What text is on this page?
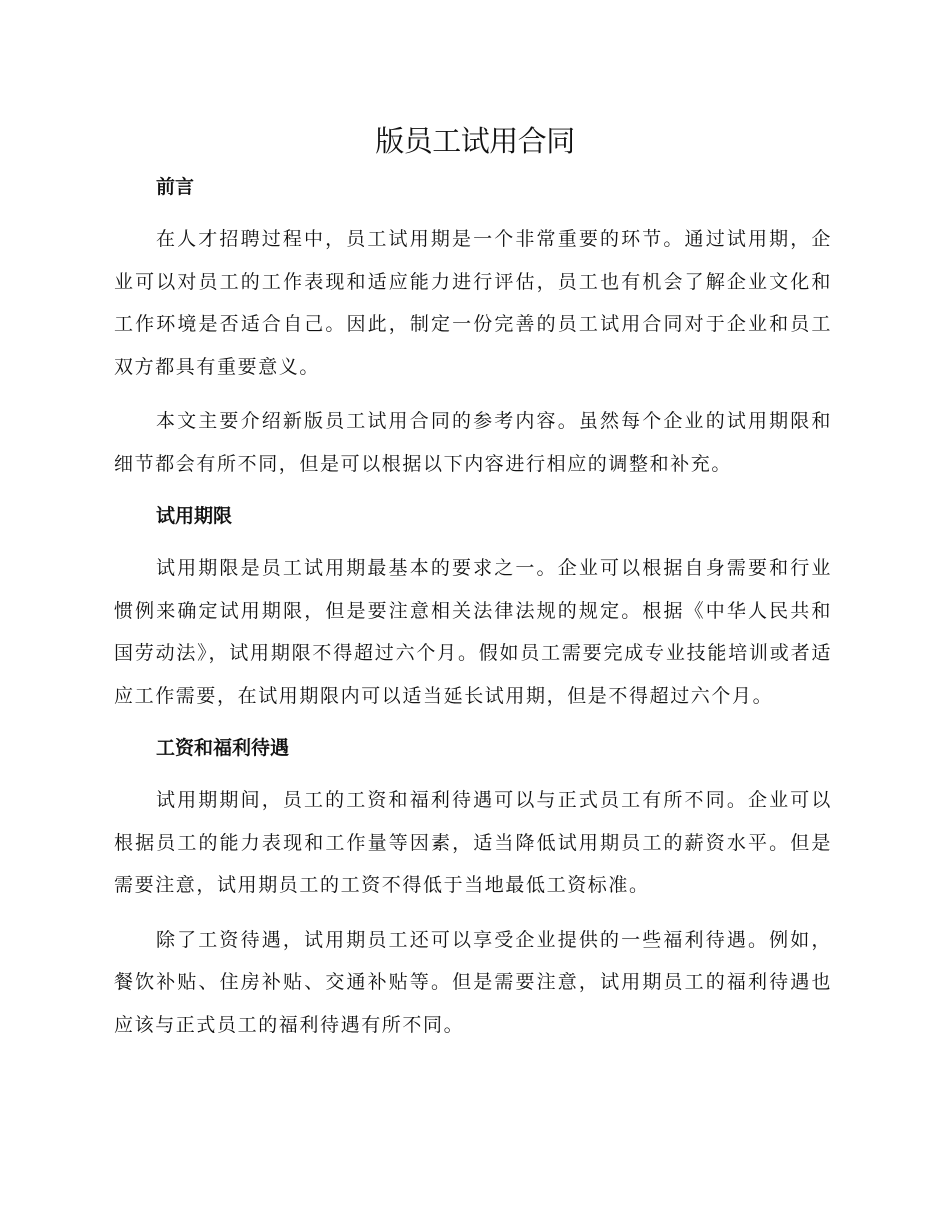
版员工试用合同
前言

在人才招聘过程中，员工试用期是一个非常重要的环节。通过试用期，企业可以对员工的工作表现和适应能力进行评估，员工也有机会了解企业文化和工作环境是否适合自己。因此，制定一份完善的员工试用合同对于企业和员工双方都具有重要意义。

本文主要介绍新版员工试用合同的参考内容。虽然每个企业的试用期限和细节都会有所不同，但是可以根据以下内容进行相应的调整和补充。

试用期限

试用期限是员工试用期最基本的要求之一。企业可以根据自身需要和行业惯例来确定试用期限，但是要注意相关法律法规的规定。根据《中华人民共和国劳动法》，试用期限不得超过六个月。假如员工需要完成专业技能培训或者适应工作需要，在试用期限内可以适当延长试用期，但是不得超过六个月。

工资和福利待遇

试用期期间，员工的工资和福利待遇可以与正式员工有所不同。企业可以根据员工的能力表现和工作量等因素，适当降低试用期员工的薪资水平。但是需要注意，试用期员工的工资不得低于当地最低工资标准。

除了工资待遇，试用期员工还可以享受企业提供的一些福利待遇。例如，餐饮补贴、住房补贴、交通补贴等。但是需要注意，试用期员工的福利待遇也应该与正式员工的福利待遇有所不同。
